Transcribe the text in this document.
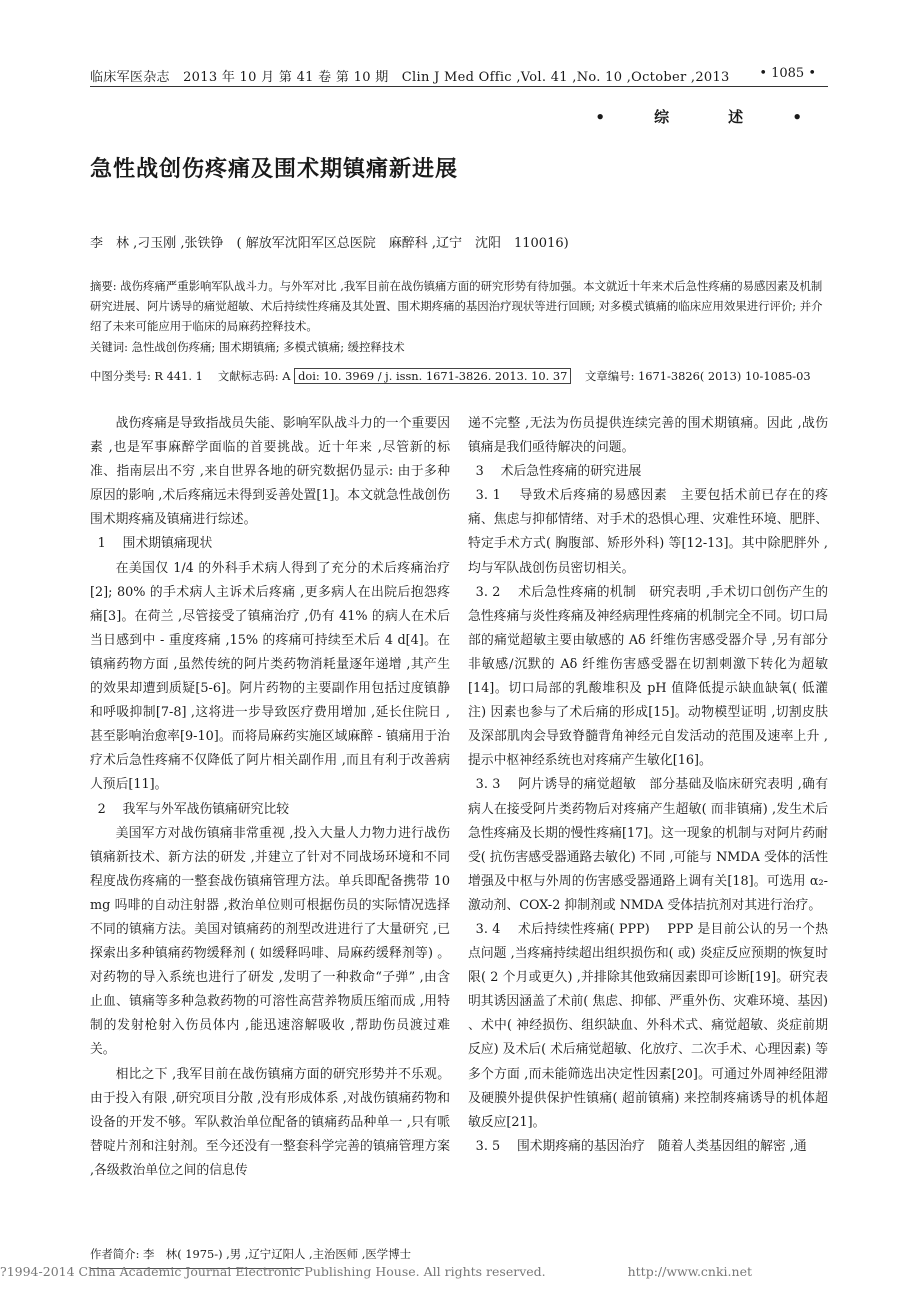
临床军医杂志　2013 年 10 月 第 41 卷 第 10 期　Clin J Med Offic ,Vol. 41 ,No. 10 ,October ,2013 • 1085 •
• 综　述 •
急性战创伤疼痛及围术期镇痛新进展
李　林 ,刁玉刚 ,张铁铮　( 解放军沈阳军区总医院　麻醉科 ,辽宁　沈阳　110016)
摘要: 战伤疼痛严重影响军队战斗力。与外军对比 ,我军目前在战伤镇痛方面的研究形势有待加强。本文就近十年来术后急性疼痛的易感因素及机制研究进展、阿片诱导的痛觉超敏、术后持续性疼痛及其处置、围术期疼痛的基因治疗现状等进行回顾; 对多模式镇痛的临床应用效果进行评价; 并介绍了未来可能应用于临床的局麻药控释技术。
关键词: 急性战创伤疼痛; 围术期镇痛; 多模式镇痛; 缓控释技术
中图分类号: R 441. 1　 文献标志码: A doi: 10. 3969 / j. issn. 1671-3826. 2013. 10. 37 文章编号: 1671-3826( 2013) 10-1085-03

战伤疼痛是导致指战员失能、影响军队战斗力的一个重要因素 ,也是军事麻醉学面临的首要挑战。近十年来 ,尽管新的标准、指南层出不穷 ,来自世界各地的研究数据仍显示: 由于多种原因的影响 ,术后疼痛远未得到妥善处置[1]。本文就急性战创伤围术期疼痛及镇痛进行综述。

1　 围术期镇痛现状

在美国仅 1/4 的外科手术病人得到了充分的术后疼痛治疗[2]; 80% 的手术病人主诉术后疼痛 ,更多病人在出院后抱怨疼痛[3]。在荷兰 ,尽管接受了镇痛治疗 ,仍有 41% 的病人在术后当日感到中 - 重度疼痛 ,15% 的疼痛可持续至术后 4 d[4]。在镇痛药物方面 ,虽然传统的阿片类药物消耗量逐年递增 ,其产生的效果却遭到质疑[5-6]。阿片药物的主要副作用包括过度镇静和呼吸抑制[7-8] ,这将进一步导致医疗费用增加 ,延长住院日 ,甚至影响治愈率[9-10]。而将局麻药实施区域麻醉 - 镇痛用于治疗术后急性疼痛不仅降低了阿片相关副作用 ,而且有利于改善病人预后[11]。

2　 我军与外军战伤镇痛研究比较

美国军方对战伤镇痛非常重视 ,投入大量人力物力进行战伤镇痛新技术、新方法的研发 ,并建立了针对不同战场环境和不同程度战伤疼痛的一整套战伤镇痛管理方法。单兵即配备携带 10 mg 吗啡的自动注射器 ,救治单位则可根据伤员的实际情况选择不同的镇痛方法。美国对镇痛药的剂型改进进行了大量研究 ,已探索出多种镇痛药物缓释剂 ( 如缓释吗啡、局麻药缓释剂等) 。对药物的导入系统也进行了研发 ,发明了一种救命“子弹” ,由含止血、镇痛等多种急救药物的可溶性高营养物质压缩而成 ,用特制的发射枪射入伤员体内 ,能迅速溶解吸收 ,帮助伤员渡过难关。

相比之下 ,我军目前在战伤镇痛方面的研究形势并不乐观。由于投入有限 ,研究项目分散 ,没有形成体系 ,对战伤镇痛药物和设备的开发不够。军队救治单位配备的镇痛药品种单一 ,只有哌替啶片剂和注射剂。至今还没有一整套科学完善的镇痛管理方案 ,各级救治单位之间的信息传

递不完整 ,无法为伤员提供连续完善的围术期镇痛。因此 ,战伤镇痛是我们亟待解决的问题。

3　 术后急性疼痛的研究进展

3. 1　 导致术后疼痛的易感因素　主要包括术前已存在的疼痛、焦虑与抑郁情绪、对手术的恐惧心理、灾难性环境、肥胖、特定手术方式( 胸腹部、矫形外科) 等[12-13]。其中除肥胖外 ,均与军队战创伤员密切相关。

3. 2　 术后急性疼痛的机制　研究表明 ,手术切口创伤产生的急性疼痛与炎性疼痛及神经病理性疼痛的机制完全不同。切口局部的痛觉超敏主要由敏感的 Aδ 纤维伤害感受器介导 ,另有部分非敏感/沉默的 Aδ 纤维伤害感受器在切割刺激下转化为超敏[14]。切口局部的乳酸堆积及 pH 值降低提示缺血缺氧( 低灌注) 因素也参与了术后痛的形成[15]。动物模型证明 ,切割皮肤及深部肌肉会导致脊髓背角神经元自发活动的范围及速率上升 ,提示中枢神经系统也对疼痛产生敏化[16]。

3. 3　 阿片诱导的痛觉超敏　部分基础及临床研究表明 ,确有病人在接受阿片类药物后对疼痛产生超敏( 而非镇痛) ,发生术后急性疼痛及长期的慢性疼痛[17]。这一现象的机制与对阿片药耐受( 抗伤害感受器通路去敏化) 不同 ,可能与 NMDA 受体的活性增强及中枢与外周的伤害感受器通路上调有关[18]。可选用 α₂-激动剂、COX-2 抑制剂或 NMDA 受体拮抗剂对其进行治疗。

3. 4　 术后持续性疼痛( PPP)　 PPP 是目前公认的另一个热点问题 ,当疼痛持续超出组织损伤和( 或) 炎症反应预期的恢复时限( 2 个月或更久) ,并排除其他致痛因素即可诊断[19]。研究表明其诱因涵盖了术前( 焦虑、抑郁、严重外伤、灾难环境、基因) 、术中( 神经损伤、组织缺血、外科术式、痛觉超敏、炎症前期反应) 及术后( 术后痛觉超敏、化放疗、二次手术、心理因素) 等多个方面 ,而未能筛选出决定性因素[20]。可通过外周神经阻滞及硬膜外提供保护性镇痛( 超前镇痛) 来控制疼痛诱导的机体超敏反应[21]。

3. 5　 围术期疼痛的基因治疗　随着人类基因组的解密 ,通

作者简介: 李　林( 1975-) ,男 ,辽宁辽阳人 ,主治医师 ,医学博士
?1994-2014 China Academic Journal Electronic Publishing House. All rights reserved.	http://www.cnki.net
